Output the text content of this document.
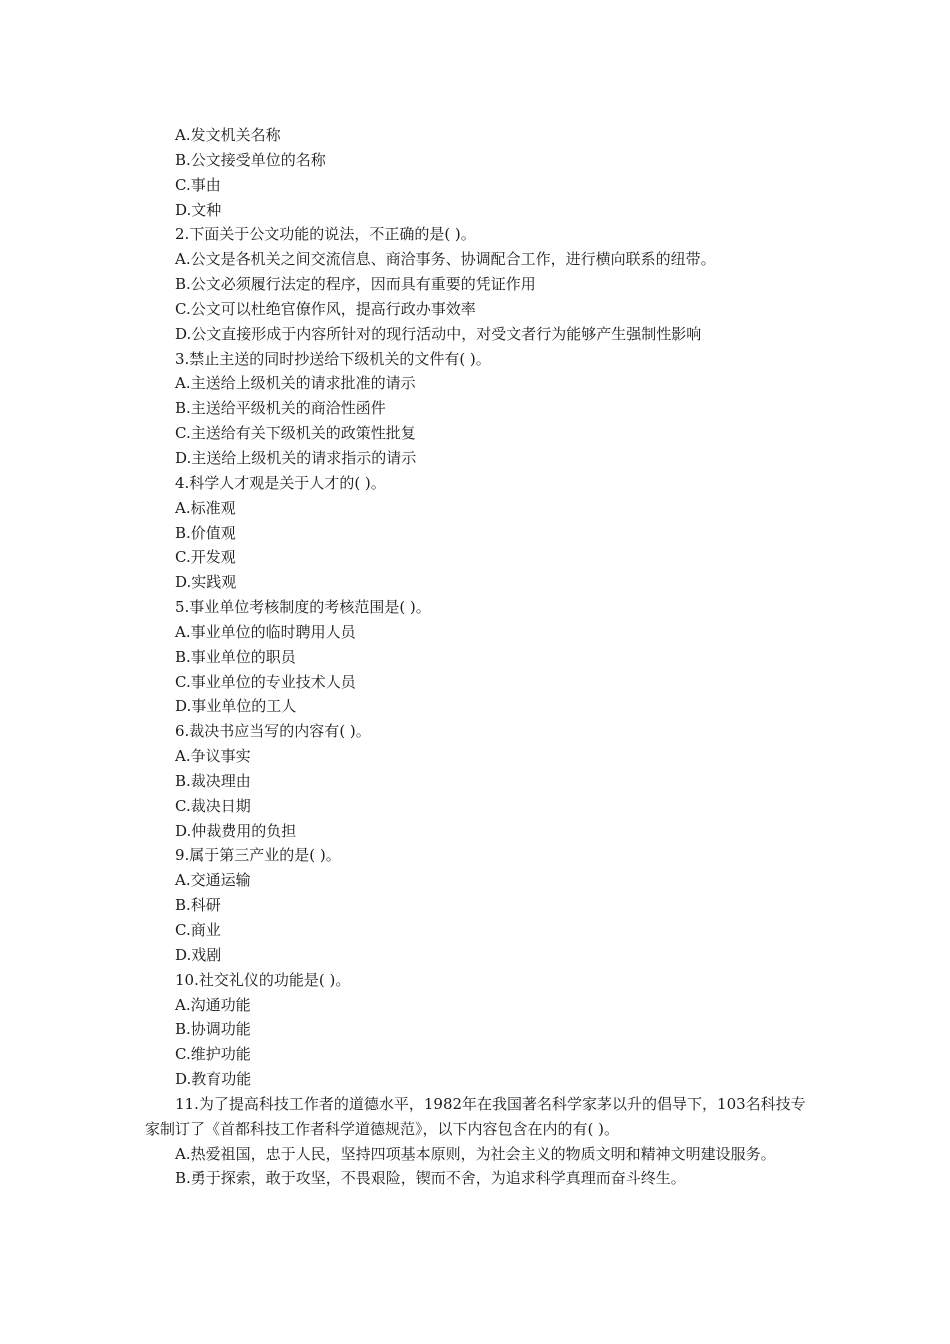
A.发文机关名称
B.公文接受单位的名称
C.事由
D.文种
2.下面关于公文功能的说法，不正确的是( )。
A.公文是各机关之间交流信息、商洽事务、协调配合工作，进行横向联系的纽带。
B.公文必须履行法定的程序，因而具有重要的凭证作用
C.公文可以杜绝官僚作风，提高行政办事效率
D.公文直接形成于内容所针对的现行活动中，对受文者行为能够产生强制性影响
3.禁止主送的同时抄送给下级机关的文件有( )。
A.主送给上级机关的请求批准的请示
B.主送给平级机关的商洽性函件
C.主送给有关下级机关的政策性批复
D.主送给上级机关的请求指示的请示
4.科学人才观是关于人才的( )。
A.标准观
B.价值观
C.开发观
D.实践观
5.事业单位考核制度的考核范围是( )。
A.事业单位的临时聘用人员
B.事业单位的职员
C.事业单位的专业技术人员
D.事业单位的工人
6.裁决书应当写的内容有( )。
A.争议事实
B.裁决理由
C.裁决日期
D.仲裁费用的负担
9.属于第三产业的是( )。
A.交通运输
B.科研
C.商业
D.戏剧
10.社交礼仪的功能是( )。
A.沟通功能
B.协调功能
C.维护功能
D.教育功能
11.为了提高科技工作者的道德水平，1982年在我国著名科学家茅以升的倡导下，103名科技专家制订了《首都科技工作者科学道德规范》，以下内容包含在内的有( )。
A.热爱祖国，忠于人民，坚持四项基本原则，为社会主义的物质文明和精神文明建设服务。
B.勇于探索，敢于攻坚，不畏艰险，锲而不舍，为追求科学真理而奋斗终生。
